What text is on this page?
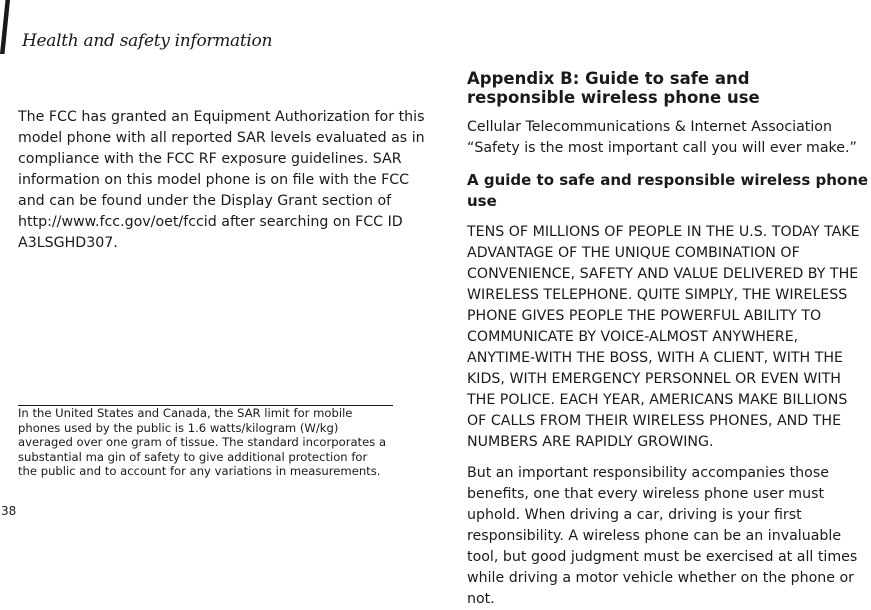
Health and safety information

The FCC has granted an Equipment Authorization for this model phone with all reported SAR levels evaluated as in compliance with the FCC RF exposure guidelines. SAR information on this model phone is on file with the FCC and can be found under the Display Grant section of http://www.fcc.gov/oet/fccid after searching on FCC ID A3LSGHD307.

In the United States and Canada, the SAR limit for mobile phones used by the public is 1.6 watts/kilogram (W/kg) averaged over one gram of tissue. The standard incorporates a substantial ma gin of safety to give additional protection for the public and to account for any variations in measurements.
38
Appendix B: Guide to safe and responsible wireless phone use

Cellular Telecommunications & Internet Association

“Safety is the most important call you will ever make.”

A guide to safe and responsible wireless phone use

TENS OF MILLIONS OF PEOPLE IN THE U.S. TODAY TAKE ADVANTAGE OF THE UNIQUE COMBINATION OF CONVENIENCE, SAFETY AND VALUE DELIVERED BY THE WIRELESS TELEPHONE. QUITE SIMPLY, THE WIRELESS PHONE GIVES PEOPLE THE POWERFUL ABILITY TO COMMUNICATE BY VOICE-ALMOST ANYWHERE, ANYTIME-WITH THE BOSS, WITH A CLIENT, WITH THE KIDS, WITH EMERGENCY PERSONNEL OR EVEN WITH THE POLICE. EACH YEAR, AMERICANS MAKE BILLIONS OF CALLS FROM THEIR WIRELESS PHONES, AND THE NUMBERS ARE RAPIDLY GROWING.

But an important responsibility accompanies those benefits, one that every wireless phone user must uphold. When driving a car, driving is your first responsibility. A wireless phone can be an invaluable tool, but good judgment must be exercised at all times while driving a motor vehicle whether on the phone or not.
